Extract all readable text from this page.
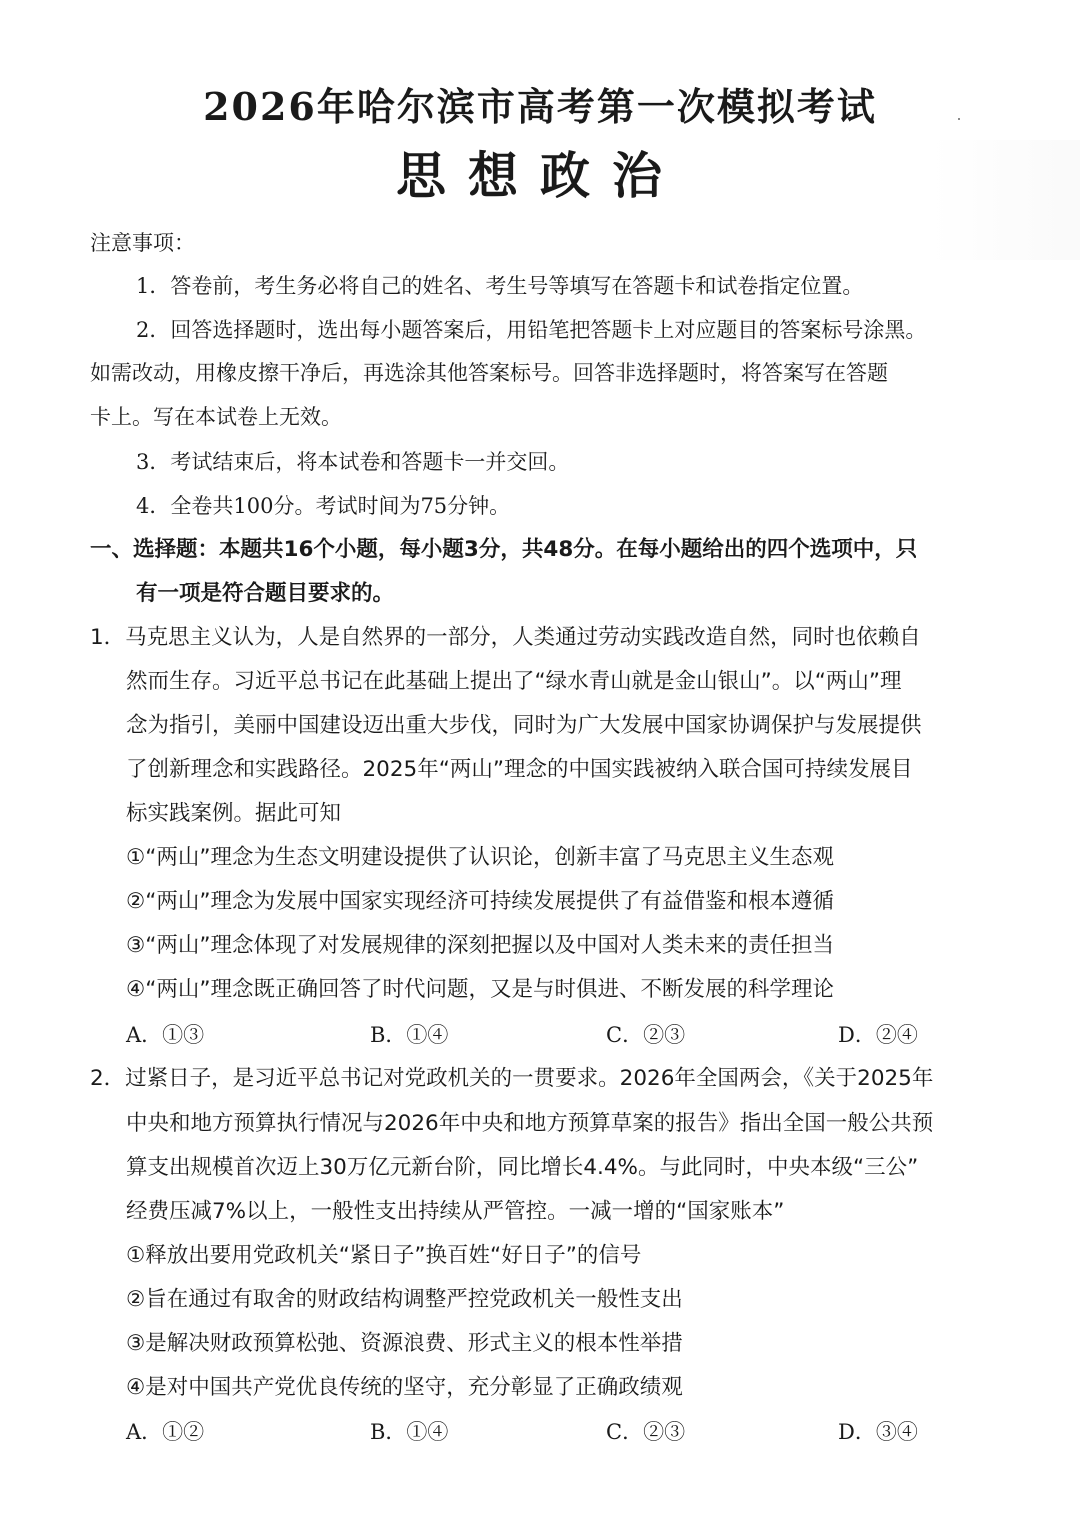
2026年哈尔滨市高考第一次模拟考试
思想政治
注意事项：
1．答卷前，考生务必将自己的姓名、考生号等填写在答题卡和试卷指定位置。
2．回答选择题时，选出每小题答案后，用铅笔把答题卡上对应题目的答案标号涂黑。
如需改动，用橡皮擦干净后，再选涂其他答案标号。回答非选择题时，将答案写在答题
卡上。写在本试卷上无效。
3．考试结束后，将本试卷和答题卡一并交回。
4．全卷共100分。考试时间为75分钟。
一、选择题：本题共16个小题，每小题3分，共48分。在每小题给出的四个选项中，只
有一项是符合题目要求的。
1．马克思主义认为，人是自然界的一部分，人类通过劳动实践改造自然，同时也依赖自
然而生存。习近平总书记在此基础上提出了“绿水青山就是金山银山”。以“两山”理
念为指引，美丽中国建设迈出重大步伐，同时为广大发展中国家协调保护与发展提供
了创新理念和实践路径。2025年“两山”理念的中国实践被纳入联合国可持续发展目
标实践案例。据此可知
①“两山”理念为生态文明建设提供了认识论，创新丰富了马克思主义生态观
②“两山”理念为发展中国家实现经济可持续发展提供了有益借鉴和根本遵循
③“两山”理念体现了对发展规律的深刻把握以及中国对人类未来的责任担当
④“两山”理念既正确回答了时代问题，又是与时俱进、不断发展的科学理论
A．①③	B．①④	C．②③	D．②④
2．过紧日子，是习近平总书记对党政机关的一贯要求。2026年全国两会，《关于2025年
中央和地方预算执行情况与2026年中央和地方预算草案的报告》指出全国一般公共预
算支出规模首次迈上30万亿元新台阶，同比增长4.4%。与此同时，中央本级“三公”
经费压减7%以上，一般性支出持续从严管控。一减一增的“国家账本”
①释放出要用党政机关“紧日子”换百姓“好日子”的信号
②旨在通过有取舍的财政结构调整严控党政机关一般性支出
③是解决财政预算松弛、资源浪费、形式主义的根本性举措
④是对中国共产党优良传统的坚守，充分彰显了正确政绩观
A．①②	B．①④	C．②③	D．③④
